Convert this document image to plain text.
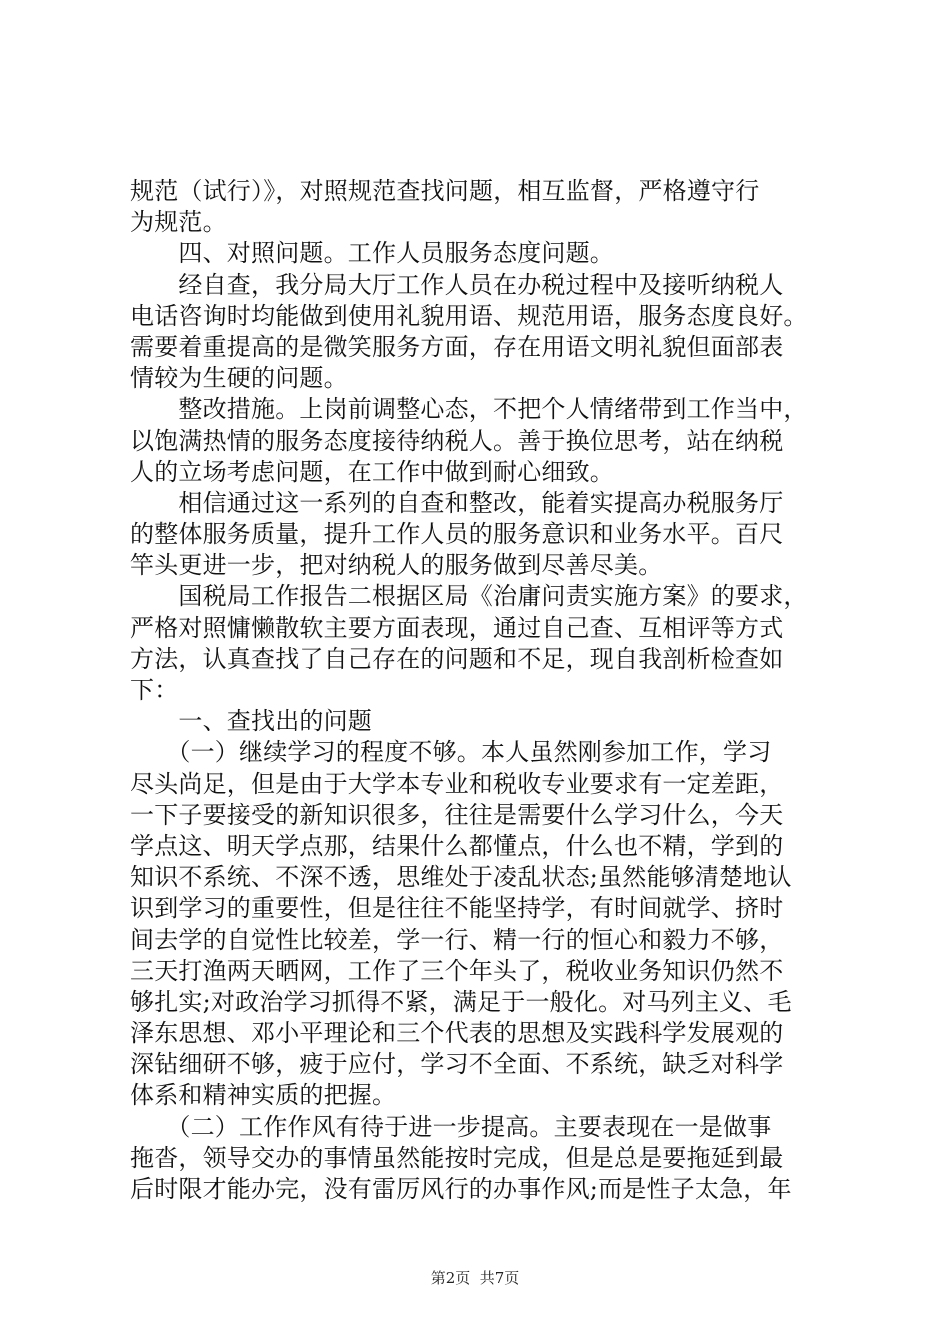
规范（试行）》，对照规范查找问题，相互监督，严格遵守行
为规范。
　　四、对照问题。工作人员服务态度问题。
　　经自查，我分局大厅工作人员在办税过程中及接听纳税人
电话咨询时均能做到使用礼貌用语、规范用语，服务态度良好。
需要着重提高的是微笑服务方面，存在用语文明礼貌但面部表
情较为生硬的问题。
　　整改措施。上岗前调整心态，不把个人情绪带到工作当中，
以饱满热情的服务态度接待纳税人。善于换位思考，站在纳税
人的立场考虑问题，在工作中做到耐心细致。
　　相信通过这一系列的自查和整改，能着实提高办税服务厅
的整体服务质量，提升工作人员的服务意识和业务水平。百尺
竿头更进一步，把对纳税人的服务做到尽善尽美。
　　国税局工作报告二根据区局《治庸问责实施方案》的要求，
严格对照慵懒散软主要方面表现，通过自己查、互相评等方式
方法，认真查找了自己存在的问题和不足，现自我剖析检查如
下：
　　一、查找出的问题
　　（一）继续学习的程度不够。本人虽然刚参加工作，学习
尽头尚足，但是由于大学本专业和税收专业要求有一定差距，
一下子要接受的新知识很多，往往是需要什么学习什么，今天
学点这、明天学点那，结果什么都懂点，什么也不精，学到的
知识不系统、不深不透，思维处于凌乱状态;虽然能够清楚地认
识到学习的重要性，但是往往不能坚持学，有时间就学、挤时
间去学的自觉性比较差，学一行、精一行的恒心和毅力不够，
三天打渔两天晒网，工作了三个年头了，税收业务知识仍然不
够扎实;对政治学习抓得不紧，满足于一般化。对马列主义、毛
泽东思想、邓小平理论和三个代表的思想及实践科学发展观的
深钻细研不够，疲于应付，学习不全面、不系统，缺乏对科学
体系和精神实质的把握。
　　（二）工作作风有待于进一步提高。主要表现在一是做事
拖沓，领导交办的事情虽然能按时完成，但是总是要拖延到最
后时限才能办完，没有雷厉风行的办事作风;而是性子太急，年
第2页  共7页
